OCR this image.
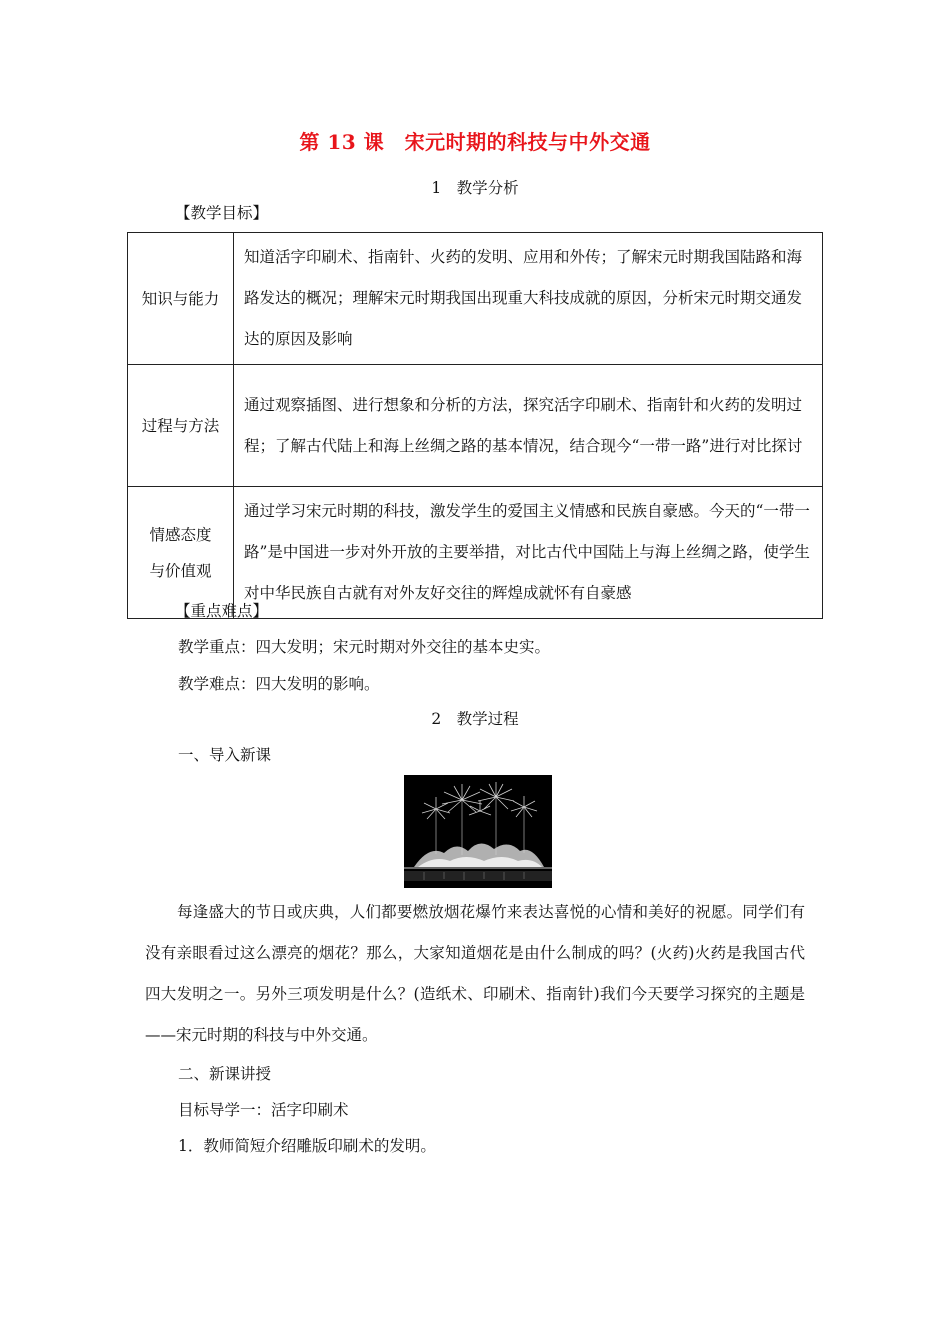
第 13 课　宋元时期的科技与中外交通
1　教学分析
【教学目标】
知识与能力	知道活字印刷术、指南针、火药的发明、应用和外传；了解宋元时期我国陆路和海路发达的概况；理解宋元时期我国出现重大科技成就的原因，分析宋元时期交通发达的原因及影响
过程与方法	通过观察插图、进行想象和分析的方法，探究活字印刷术、指南针和火药的发明过程；了解古代陆上和海上丝绸之路的基本情况，结合现今“一带一路”进行对比探讨
情感态度与价值观	通过学习宋元时期的科技，激发学生的爱国主义情感和民族自豪感。今天的“一带一路”是中国进一步对外开放的主要举措，对比古代中国陆上与海上丝绸之路，使学生对中华民族自古就有对外友好交往的辉煌成就怀有自豪感
【重点难点】
教学重点：四大发明；宋元时期对外交往的基本史实。
教学难点：四大发明的影响。
2　教学过程
一、导入新课
每逢盛大的节日或庆典，人们都要燃放烟花爆竹来表达喜悦的心情和美好的祝愿。同学们有没有亲眼看过这么漂亮的烟花？那么，大家知道烟花是由什么制成的吗？(火药)火药是我国古代四大发明之一。另外三项发明是什么？(造纸术、印刷术、指南针)我们今天要学习探究的主题是——宋元时期的科技与中外交通。
二、新课讲授
目标导学一：活字印刷术
1．教师简短介绍雕版印刷术的发明。
